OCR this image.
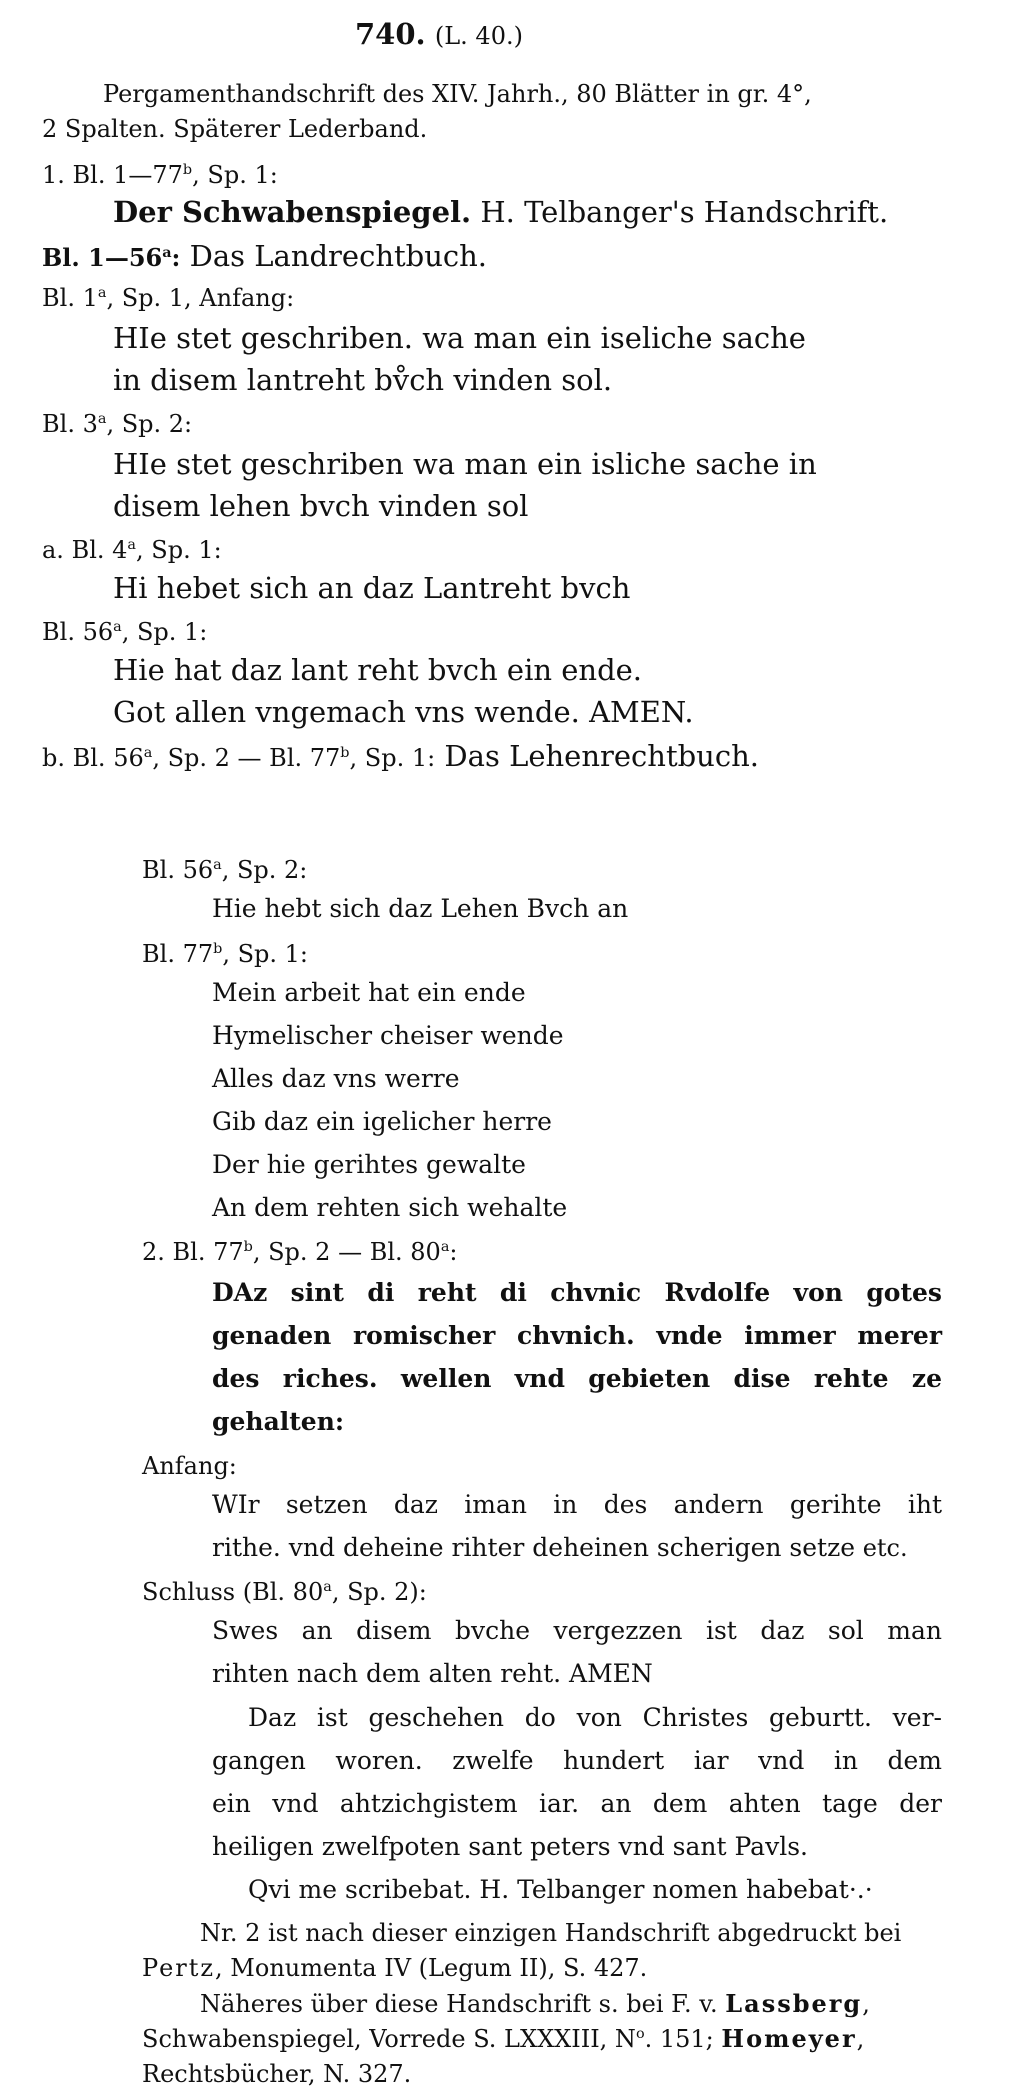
740. (L. 40.)
Pergamenthandschrift des XIV. Jahrh., 80 Blätter in gr. 4°,
2 Spalten. Späterer Lederband.
1. Bl. 1—77$^b$, Sp. 1:
Der Schwabenspiegel. H. Telbanger's Handschrift.
Bl. 1—56$^a$: Das Landrechtbuch.
Bl. 1$^a$, Sp. 1, Anfang:
HIe stet geschriben. wa man ein iseliche sache
in disem lantreht bv̊ch vinden sol.
Bl. 3$^a$, Sp. 2:
HIe stet geschriben wa man ein isliche sache in
disem lehen bvch vinden sol
a. Bl. 4$^a$, Sp. 1:
Hi hebet sich an daz Lantreht bvch
Bl. 56$^a$, Sp. 1:
Hie hat daz lant reht bvch ein ende.
Got allen vngemach vns wende. AMEN.
b. Bl. 56$^a$, Sp. 2 — Bl. 77$^b$, Sp. 1: Das Lehenrechtbuch.
Bl. 56$^a$, Sp. 2:
Hie hebt sich daz Lehen Bvch an
Bl. 77$^b$, Sp. 1:
Mein arbeit hat ein ende
Hymelischer cheiser wende
Alles daz vns werre
Gib daz ein igelicher herre
Der hie gerihtes gewalte
An dem rehten sich wehalte
2. Bl. 77$^b$, Sp. 2 — Bl. 80$^a$:
DAz sint di reht di chvnic Rvdolfe von gotes
genaden romischer chvnich. vnde immer merer
des riches. wellen vnd gebieten dise rehte ze
gehalten:
Anfang:
WIr setzen daz iman in des andern gerihte iht
rithe. vnd deheine rihter deheinen scherigen setze etc.
Schluss (Bl. 80$^a$, Sp. 2):
Swes an disem bvche vergezzen ist daz sol man
rihten nach dem alten reht. AMEN
Daz ist geschehen do von Christes geburtt. ver-
gangen woren. zwelfe hundert iar vnd in dem
ein vnd ahtzichgistem iar. an dem ahten tage der
heiligen zwelfpoten sant peters vnd sant Pavls.
Qvi me scribebat. H. Telbanger nomen habebat·.·
Nr. 2 ist nach dieser einzigen Handschrift abgedruckt bei
Pertz, Monumenta IV (Legum II), S. 427.
Näheres über diese Handschrift s. bei F. v. Lassberg,
Schwabenspiegel, Vorrede S. LXXXIII, $N^o$. 151; Homeyer,
Rechtsbücher, N. 327.
